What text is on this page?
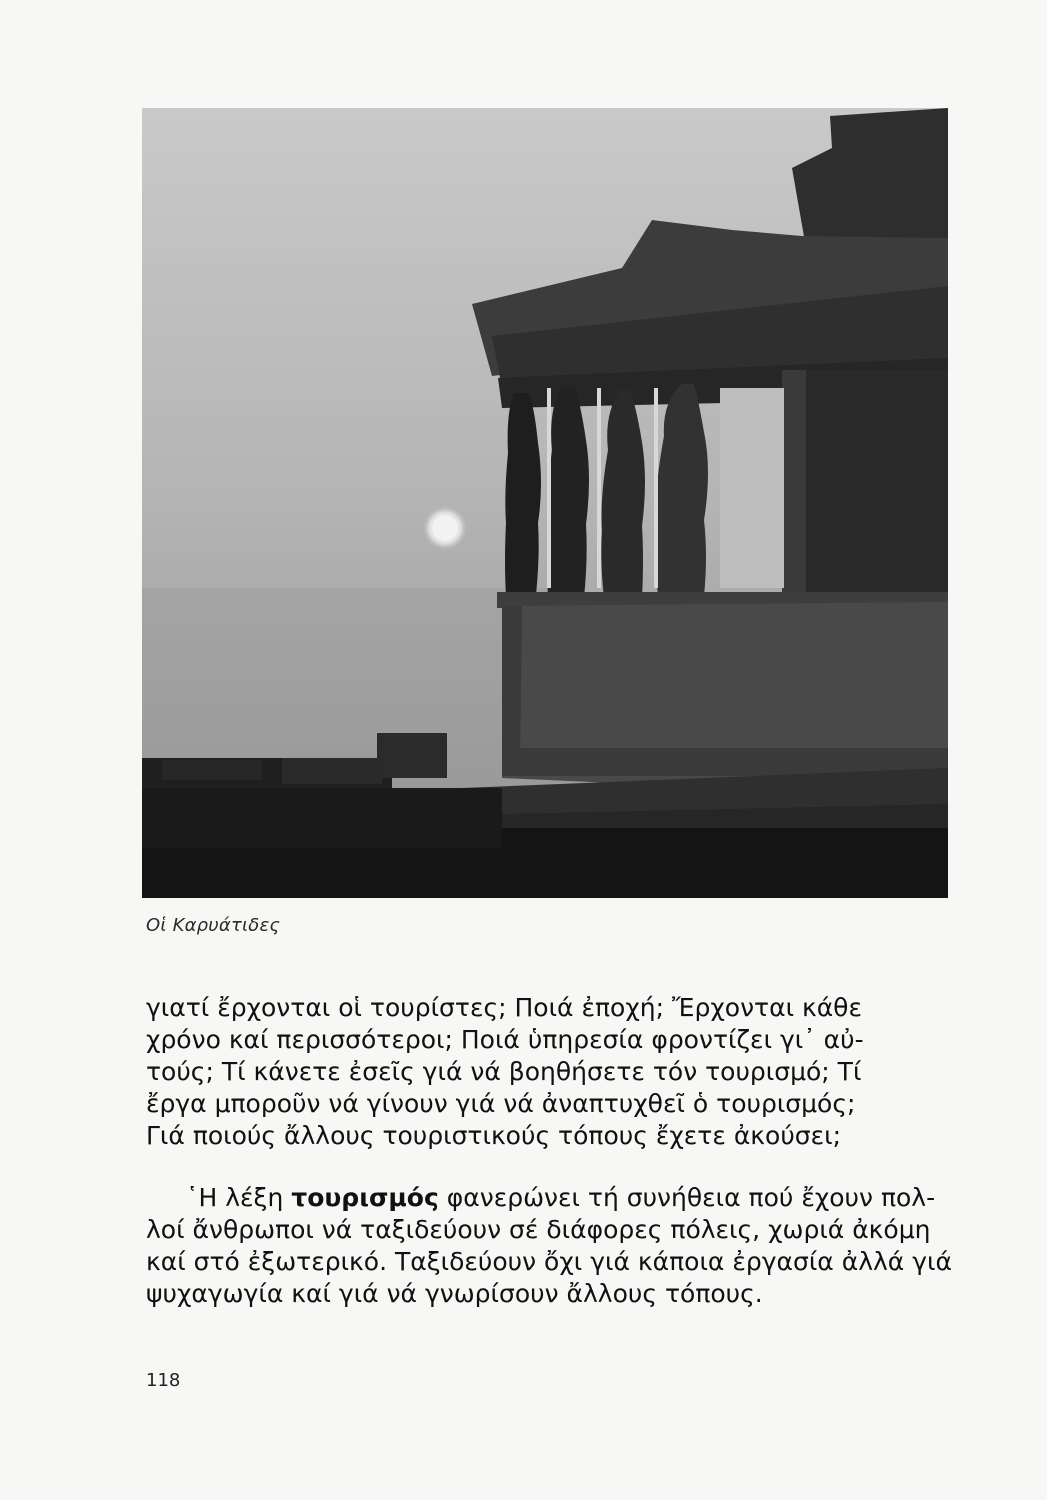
Οἱ Καρυάτιδες

γιατί ἔρχονται οἱ τουρίστες; Ποιά ἐποχή; Ἔρχονται κάθε
χρόνο καί περισσότεροι; Ποιά ὑπηρεσία φροντίζει γι᾽ αὐ-
τούς; Τί κάνετε ἐσεῖς γιά νά βοηθήσετε τόν τουρισμό; Τί
ἔργα μποροῦν νά γίνουν γιά νά ἀναπτυχθεῖ ὁ τουρισμός;
Γιά ποιούς ἄλλους τουριστικούς τόπους ἔχετε ἀκούσει;

῾Η λέξη τουρισμός φανερώνει τή συνήθεια πού ἔχουν πολ-
λοί ἄνθρωποι νά ταξιδεύουν σέ διάφορες πόλεις, χωριά ἀκόμη
καί στό ἐξωτερικό. Ταξιδεύουν ὄχι γιά κάποια ἐργασία ἀλλά γιά
ψυχαγωγία καί γιά νά γνωρίσουν ἄλλους τόπους.

118
